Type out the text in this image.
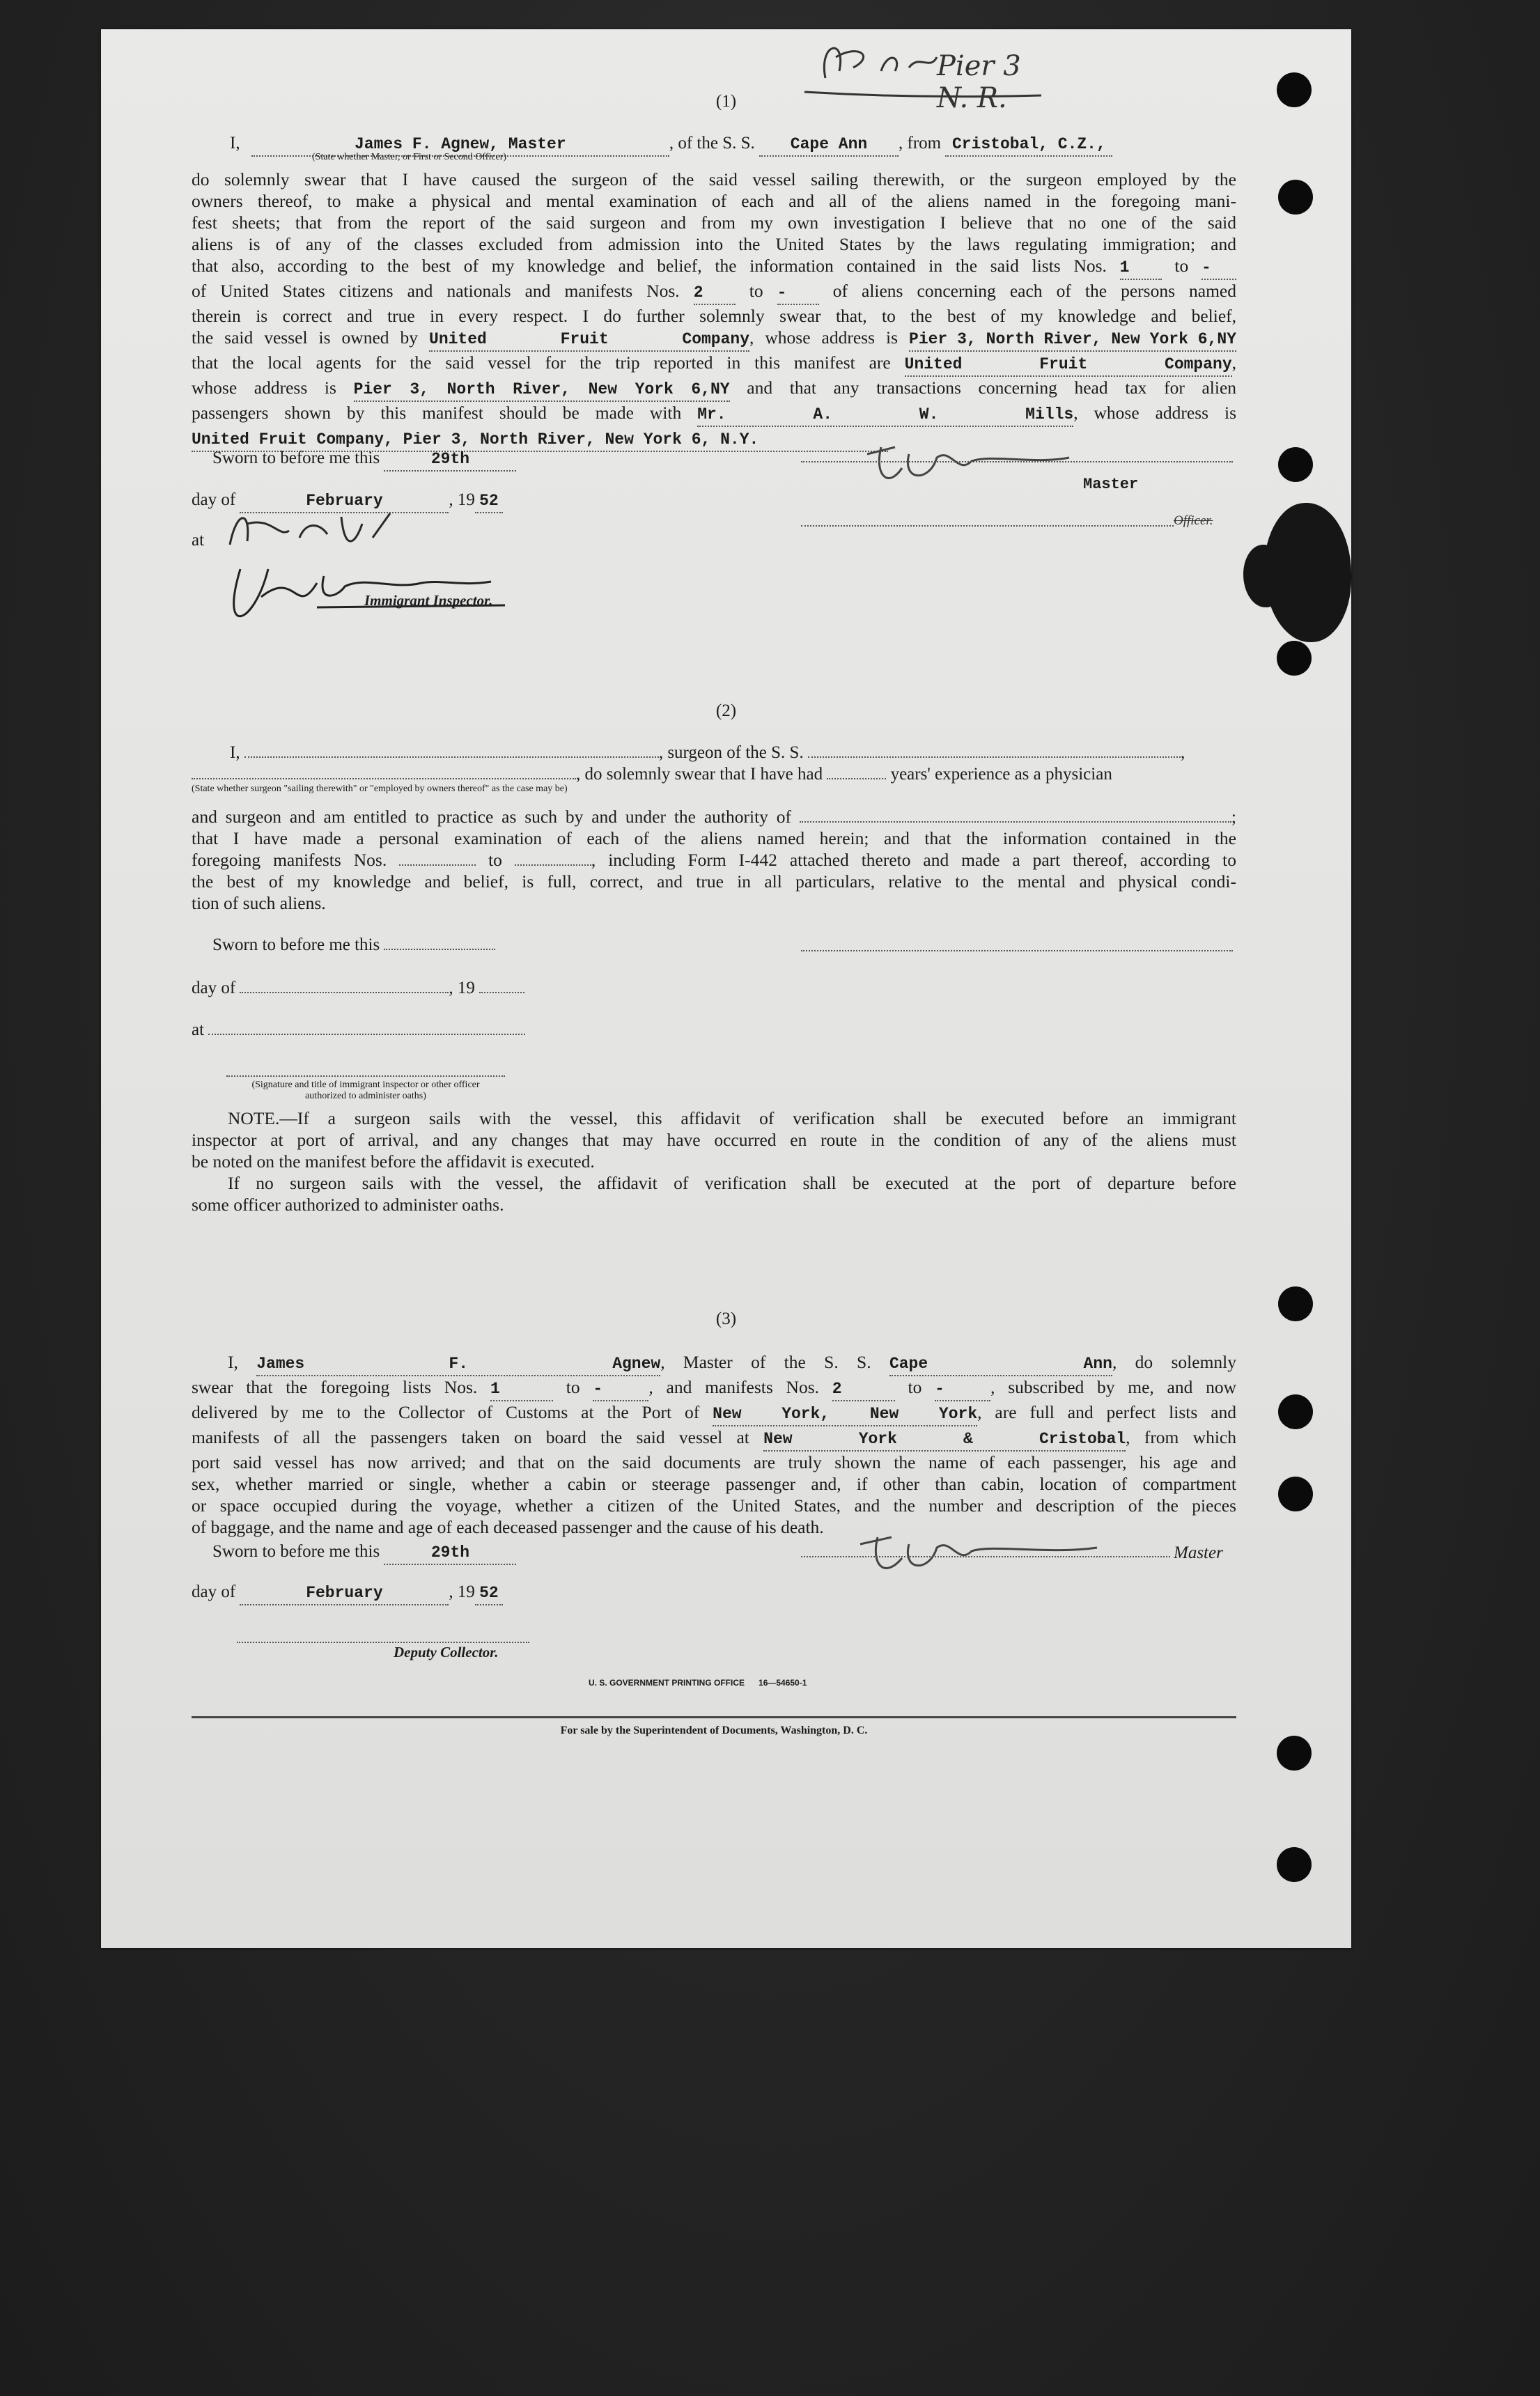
Pier 3 N. R.
(1)
I,	James F. Agnew, Master	, of the S. S. Cape Ann , from Cristobal, C.Z.,
(State whether Master, or First or Second Officer)
do solemnly swear that I have caused the surgeon of the said vessel sailing therewith, or the surgeon employed by the
owners thereof, to make a physical and mental examination of each and all of the aliens named in the foregoing mani-
fest sheets; that from the report of the said surgeon and from my own investigation I believe that no one of the said
aliens is of any of the classes excluded from admission into the United States by the laws regulating immigration; and
that also, according to the best of my knowledge and belief, the information contained in the said lists Nos. 1	to -
of United States citizens and nationals and manifests Nos. 2	to -	of aliens concerning each of the persons named
therein is correct and true in every respect. I do further solemnly swear that, to the best of my knowledge and belief,
the said vessel is owned by United Fruit Company, whose address is Pier 3, North River, New York 6,NY
that the local agents for the said vessel for the trip reported in this manifest are United Fruit Company,
whose address is Pier 3, North River, New York 6,NY and that any transactions concerning head tax for alien
passengers shown by this manifest should be made with Mr. A. W. Mills, whose address is
United Fruit Company, Pier 3, North River, New York 6, N.Y.
Sworn to before me this	29th
day of	February	, 19 52
at
Immigrant Inspector.
Master
Officer.
(2)
I,	, surgeon of the S. S.	,
, do solemnly swear that I have had	years' experience as a physician
(State whether surgeon "sailing therewith" or "employed by owners thereof" as the case may be)
and surgeon and am entitled to practice as such by and under the authority of	;
that I have made a personal examination of each of the aliens named herein; and that the information contained in the
foregoing manifests Nos.	to	, including Form I-442 attached thereto and made a part thereof, according to
the best of my knowledge and belief, is full, correct, and true in all particulars, relative to the mental and physical condi-
tion of such aliens.
Sworn to before me this
day of	, 19
at
(Signature and title of immigrant inspector or other officer authorized to administer oaths)
NOTE.—If a surgeon sails with the vessel, this affidavit of verification shall be executed before an immigrant
inspector at port of arrival, and any changes that may have occurred en route in the condition of any of the aliens must
be noted on the manifest before the affidavit is executed.
If no surgeon sails with the vessel, the affidavit of verification shall be executed at the port of departure before
some officer authorized to administer oaths.
(3)
I, James F. Agnew, Master of the S. S. Cape Ann, do solemnly
swear that the foregoing lists Nos. 1	to -	, and manifests Nos. 2	to -	, subscribed by me, and now
delivered by me to the Collector of Customs at the Port of New York, New York, are full and perfect lists and
manifests of all the passengers taken on board the said vessel at New York & Cristobal, from which
port said vessel has now arrived; and that on the said documents are truly shown the name of each passenger, his age and
sex, whether married or single, whether a cabin or steerage passenger and, if other than cabin, location of compartment
or space occupied during the voyage, whether a citizen of the United States, and the number and description of the pieces
of baggage, and the name and age of each deceased passenger and the cause of his death.
Sworn to before me this	29th
day of	February	, 19 52
Master
Deputy Collector.
U. S. GOVERNMENT PRINTING OFFICE      16—54650-1
For sale by the Superintendent of Documents, Washington, D. C.
